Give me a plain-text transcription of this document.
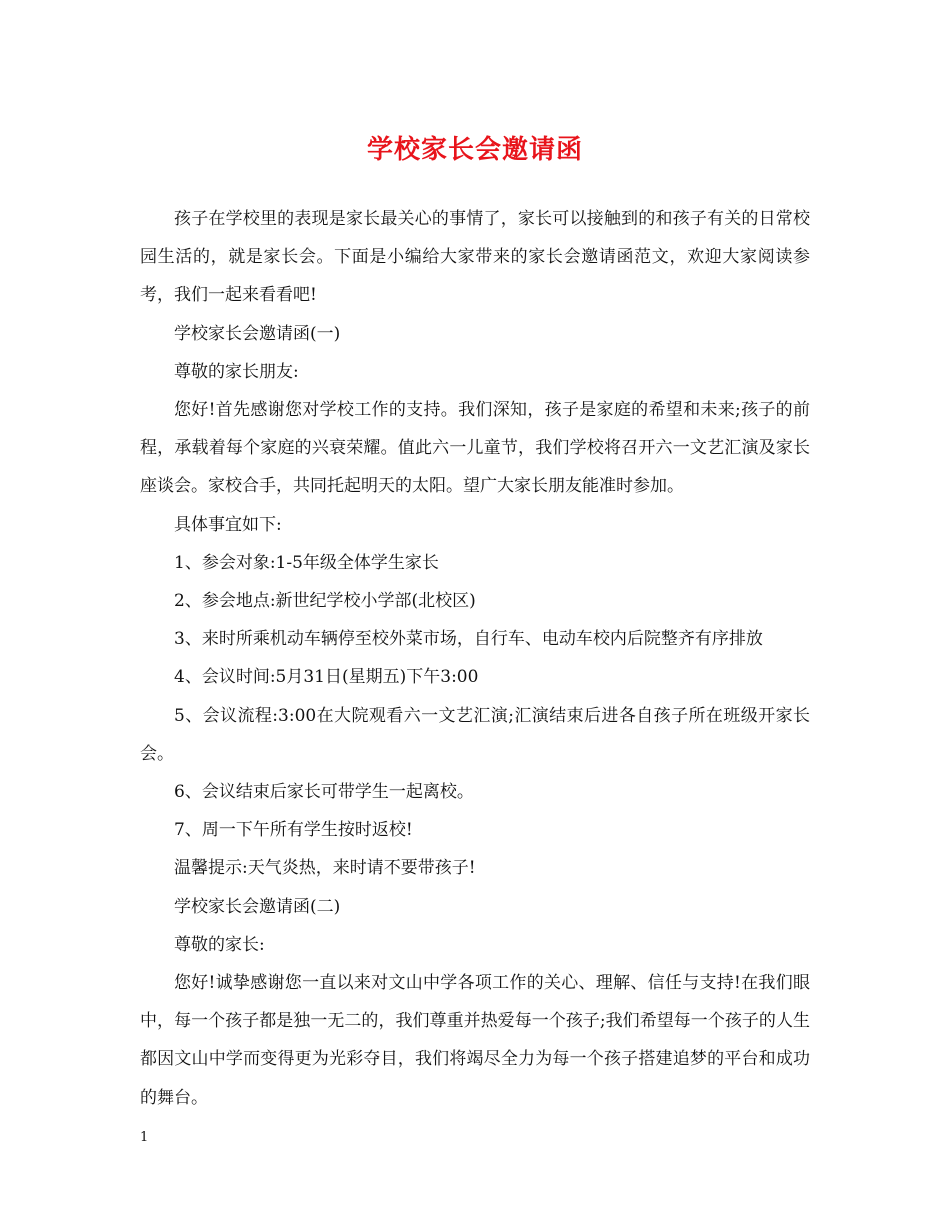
学校家长会邀请函

孩子在学校里的表现是家长最关心的事情了，家长可以接触到的和孩子有关的日常校园生活的，就是家长会。下面是小编给大家带来的家长会邀请函范文，欢迎大家阅读参考，我们一起来看看吧!

学校家长会邀请函(一)

尊敬的家长朋友:

您好!首先感谢您对学校工作的支持。我们深知，孩子是家庭的希望和未来;孩子的前程，承载着每个家庭的兴衰荣耀。值此六一儿童节，我们学校将召开六一文艺汇演及家长座谈会。家校合手，共同托起明天的太阳。望广大家长朋友能准时参加。

具体事宜如下:

1、参会对象:1-5年级全体学生家长

2、参会地点:新世纪学校小学部(北校区)

3、来时所乘机动车辆停至校外菜市场，自行车、电动车校内后院整齐有序排放

4、会议时间:5月31日(星期五)下午3:00

5、会议流程:3:00在大院观看六一文艺汇演;汇演结束后进各自孩子所在班级开家长会。

6、会议结束后家长可带学生一起离校。

7、周一下午所有学生按时返校!

温馨提示:天气炎热，来时请不要带孩子!

学校家长会邀请函(二)

尊敬的家长:

您好!诚挚感谢您一直以来对文山中学各项工作的关心、理解、信任与支持!在我们眼中，每一个孩子都是独一无二的，我们尊重并热爱每一个孩子;我们希望每一个孩子的人生都因文山中学而变得更为光彩夺目，我们将竭尽全力为每一个孩子搭建追梦的平台和成功的舞台。

1
